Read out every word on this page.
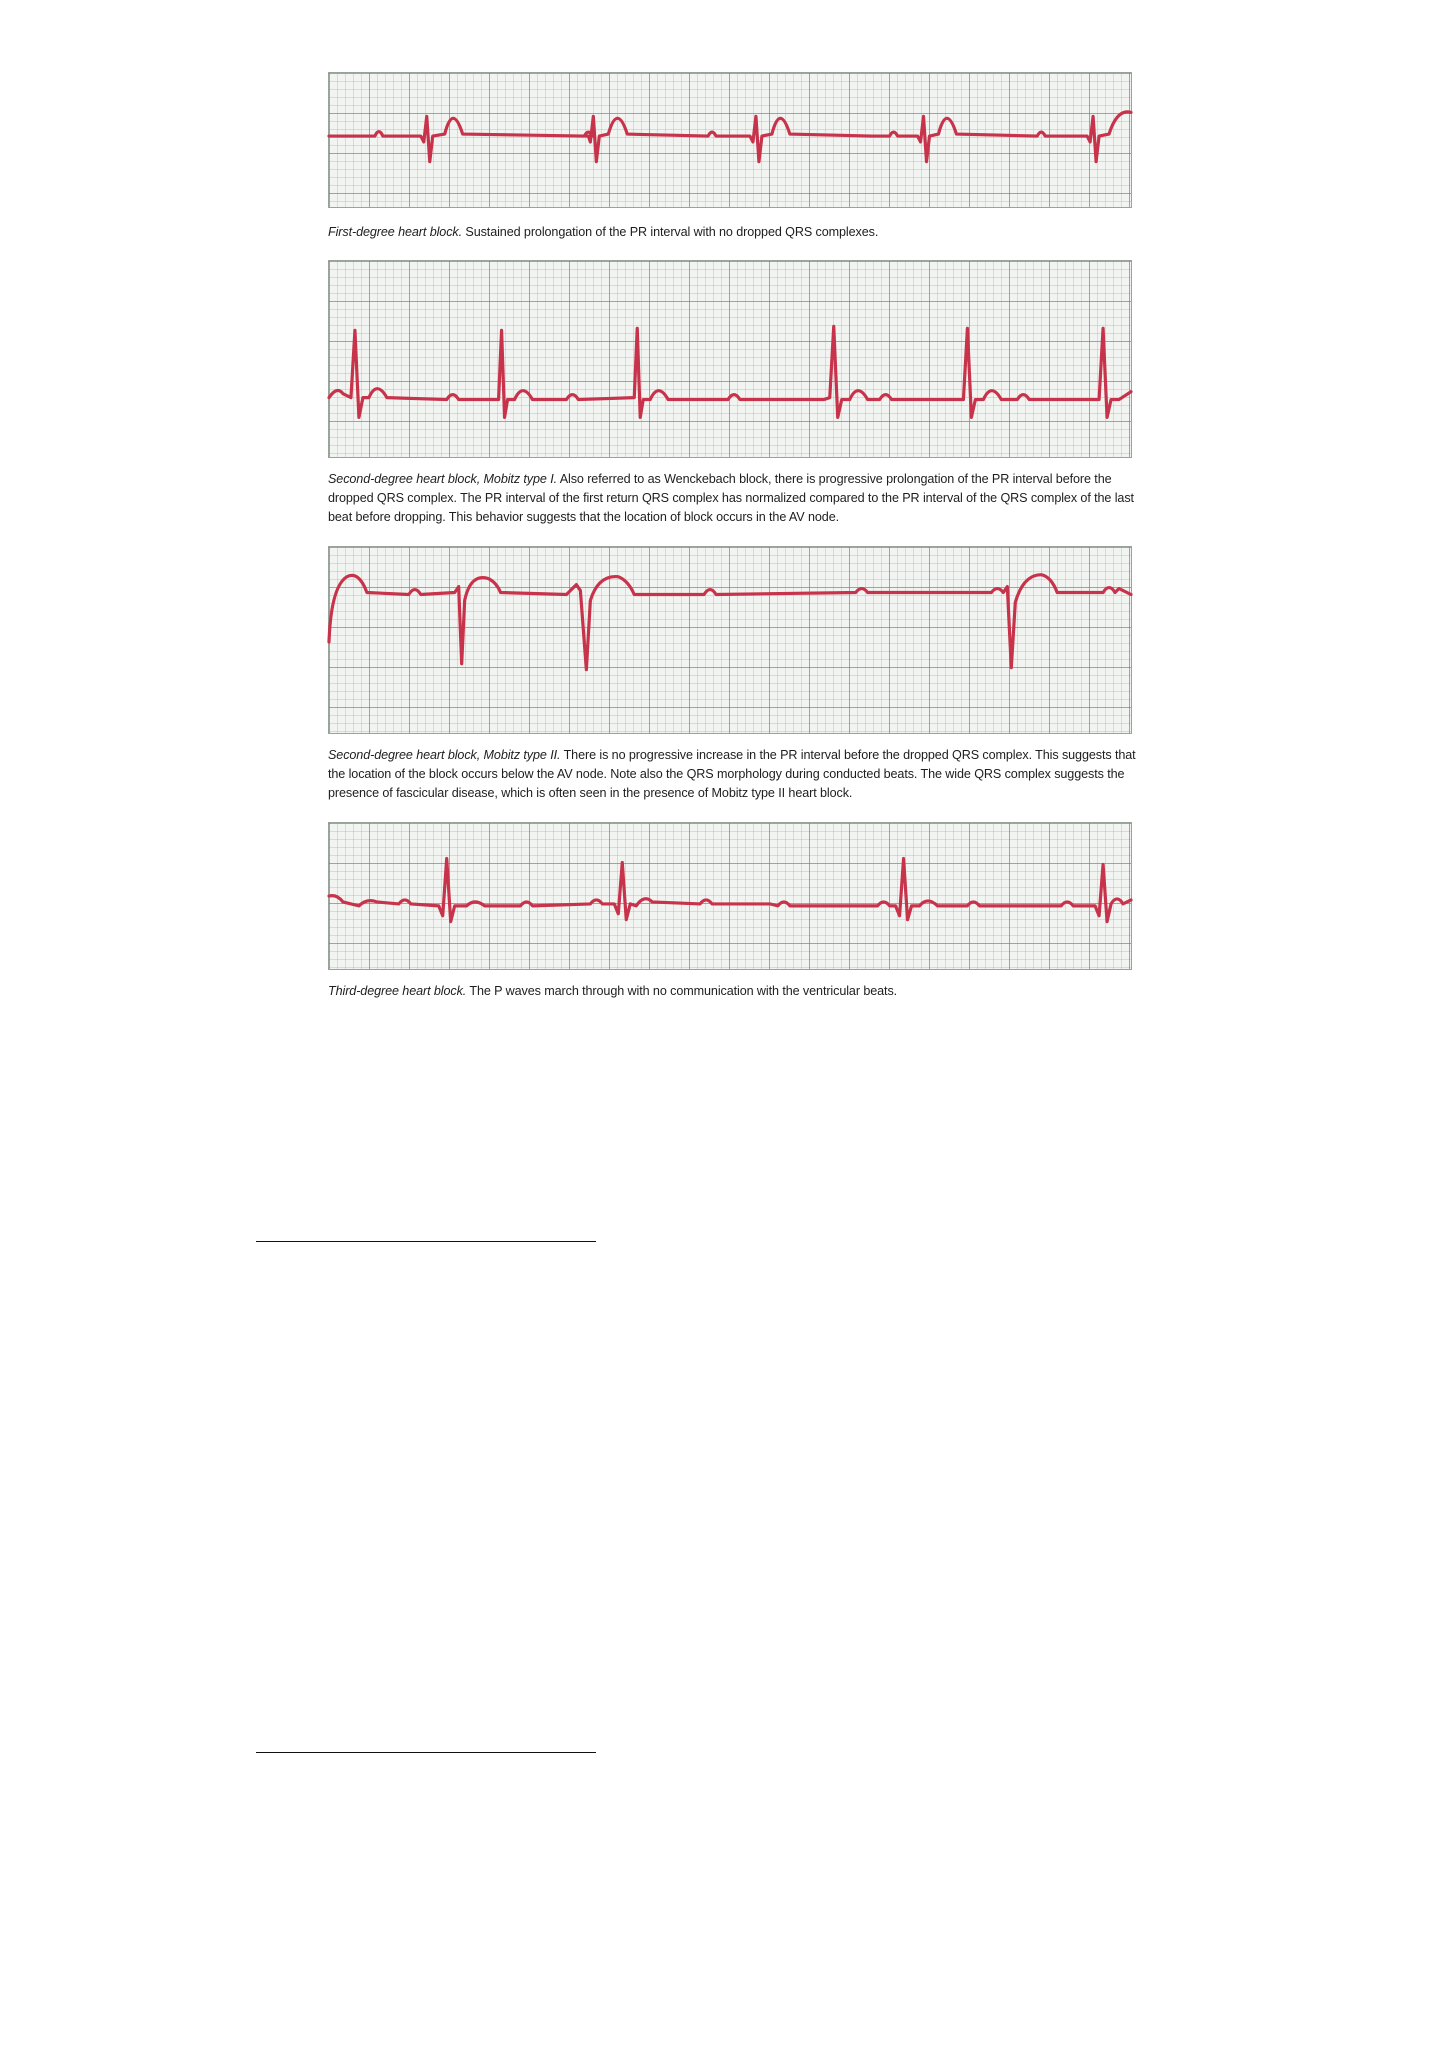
First-degree heart block. Sustained prolongation of the PR interval with no dropped QRS complexes.
Second-degree heart block, Mobitz type I. Also referred to as Wenckebach block, there is progressive prolongation of the PR interval before the dropped QRS complex. The PR interval of the first return QRS complex has normalized compared to the PR interval of the QRS complex of the last beat before dropping. This behavior suggests that the location of block occurs in the AV node.
Second-degree heart block, Mobitz type II. There is no progressive increase in the PR interval before the dropped QRS complex. This suggests that the location of the block occurs below the AV node. Note also the QRS morphology during conducted beats. The wide QRS complex suggests the presence of fascicular disease, which is often seen in the presence of Mobitz type II heart block.
Third-degree heart block. The P waves march through with no communication with the ventricular beats.
